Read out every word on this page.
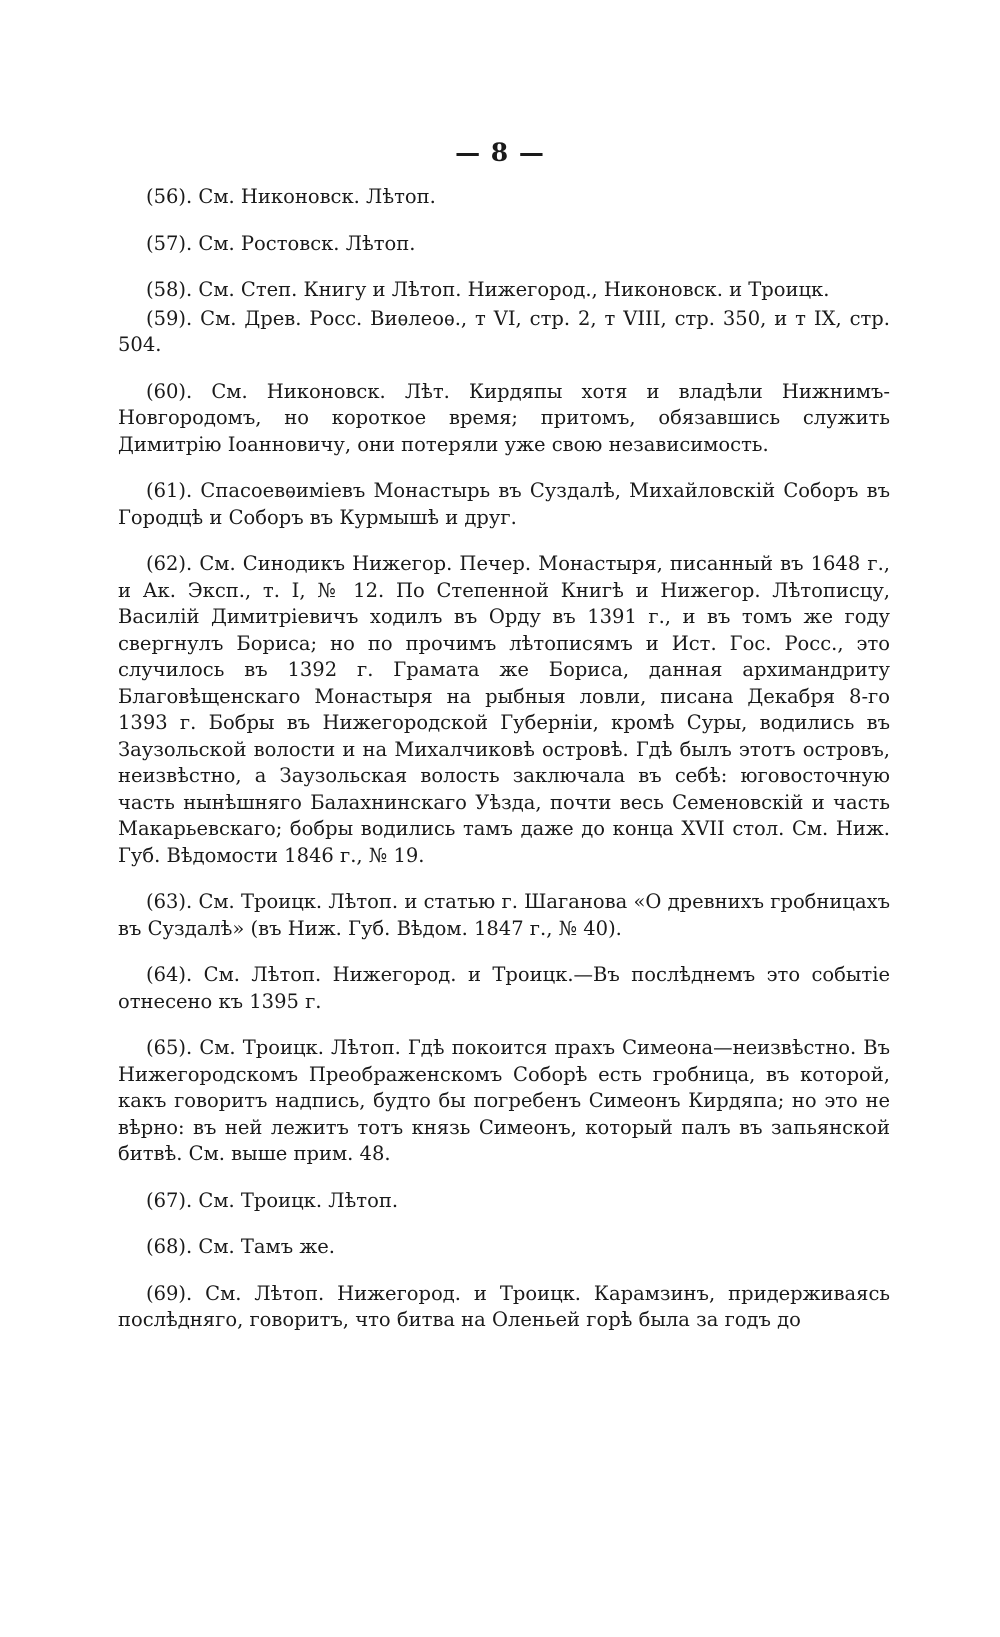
— 8 —

(56). См. Никоновск. Лѣтоп.

(57). См. Ростовск. Лѣтоп.

(58). См. Степ. Книгу и Лѣтоп. Нижегород., Никоновск. и Троицк.

(59). См. Древ. Росс. Виѳлеоѳ., т VI, стр. 2, т VIII, стр. 350, и т IX, стр. 504.

(60). См. Никоновск. Лѣт. Кирдяпы хотя и владѣли Нижнимъ-Новгородомъ, но короткое время; притомъ, обязавшись служить Димитрію Іоанновичу, они потеряли уже свою независимость.

(61). Спасоевѳиміевъ Монастырь въ Суздалѣ, Михайловскій Соборъ въ Городцѣ и Соборъ въ Курмышѣ и друг.

(62). См. Синодикъ Нижегор. Печер. Монастыря, писанный въ 1648 г., и Ак. Эксп., т. I, № 12. По Степенной Книгѣ и Нижегор. Лѣтописцу, Василій Димитріевичъ ходилъ въ Орду въ 1391 г., и въ томъ же году свергнулъ Бориса; но по прочимъ лѣтописямъ и Ист. Гос. Росс., это случилось въ 1392 г. Грамата же Бориса, данная архимандриту Благовѣщенскаго Монастыря на рыбныя ловли, писана Декабря 8-го 1393 г. Бобры въ Нижегородской Губерніи, кромѣ Суры, водились въ Заузольской волости и на Михалчиковѣ островѣ. Гдѣ былъ этотъ островъ, неизвѣстно, а Заузольская волость заключала въ себѣ: юговосточную часть нынѣшняго Балахнинскаго Уѣзда, почти весь Семеновскій и часть Макарьевскаго; бобры водились тамъ даже до конца XVII стол. См. Ниж. Губ. Вѣдомости 1846 г., № 19.

(63). См. Троицк. Лѣтоп. и статью г. Шаганова «О древнихъ гробницахъ въ Суздалѣ» (въ Ниж. Губ. Вѣдом. 1847 г., № 40).

(64). См. Лѣтоп. Нижегород. и Троицк.—Въ послѣднемъ это событіе отнесено къ 1395 г.

(65). См. Троицк. Лѣтоп. Гдѣ покоится прахъ Симеона—неизвѣстно. Въ Нижегородскомъ Преображенскомъ Соборѣ есть гробница, въ которой, какъ говоритъ надпись, будто бы погребенъ Симеонъ Кирдяпа; но это не вѣрно: въ ней лежитъ тотъ князь Симеонъ, который палъ въ запьянской битвѣ. См. выше прим. 48.

(67). См. Троицк. Лѣтоп.

(68). См. Тамъ же.

(69). См. Лѣтоп. Нижегород. и Троицк. Карамзинъ, придерживаясь послѣдняго, говоритъ, что битва на Оленьей горѣ была за годъ до
